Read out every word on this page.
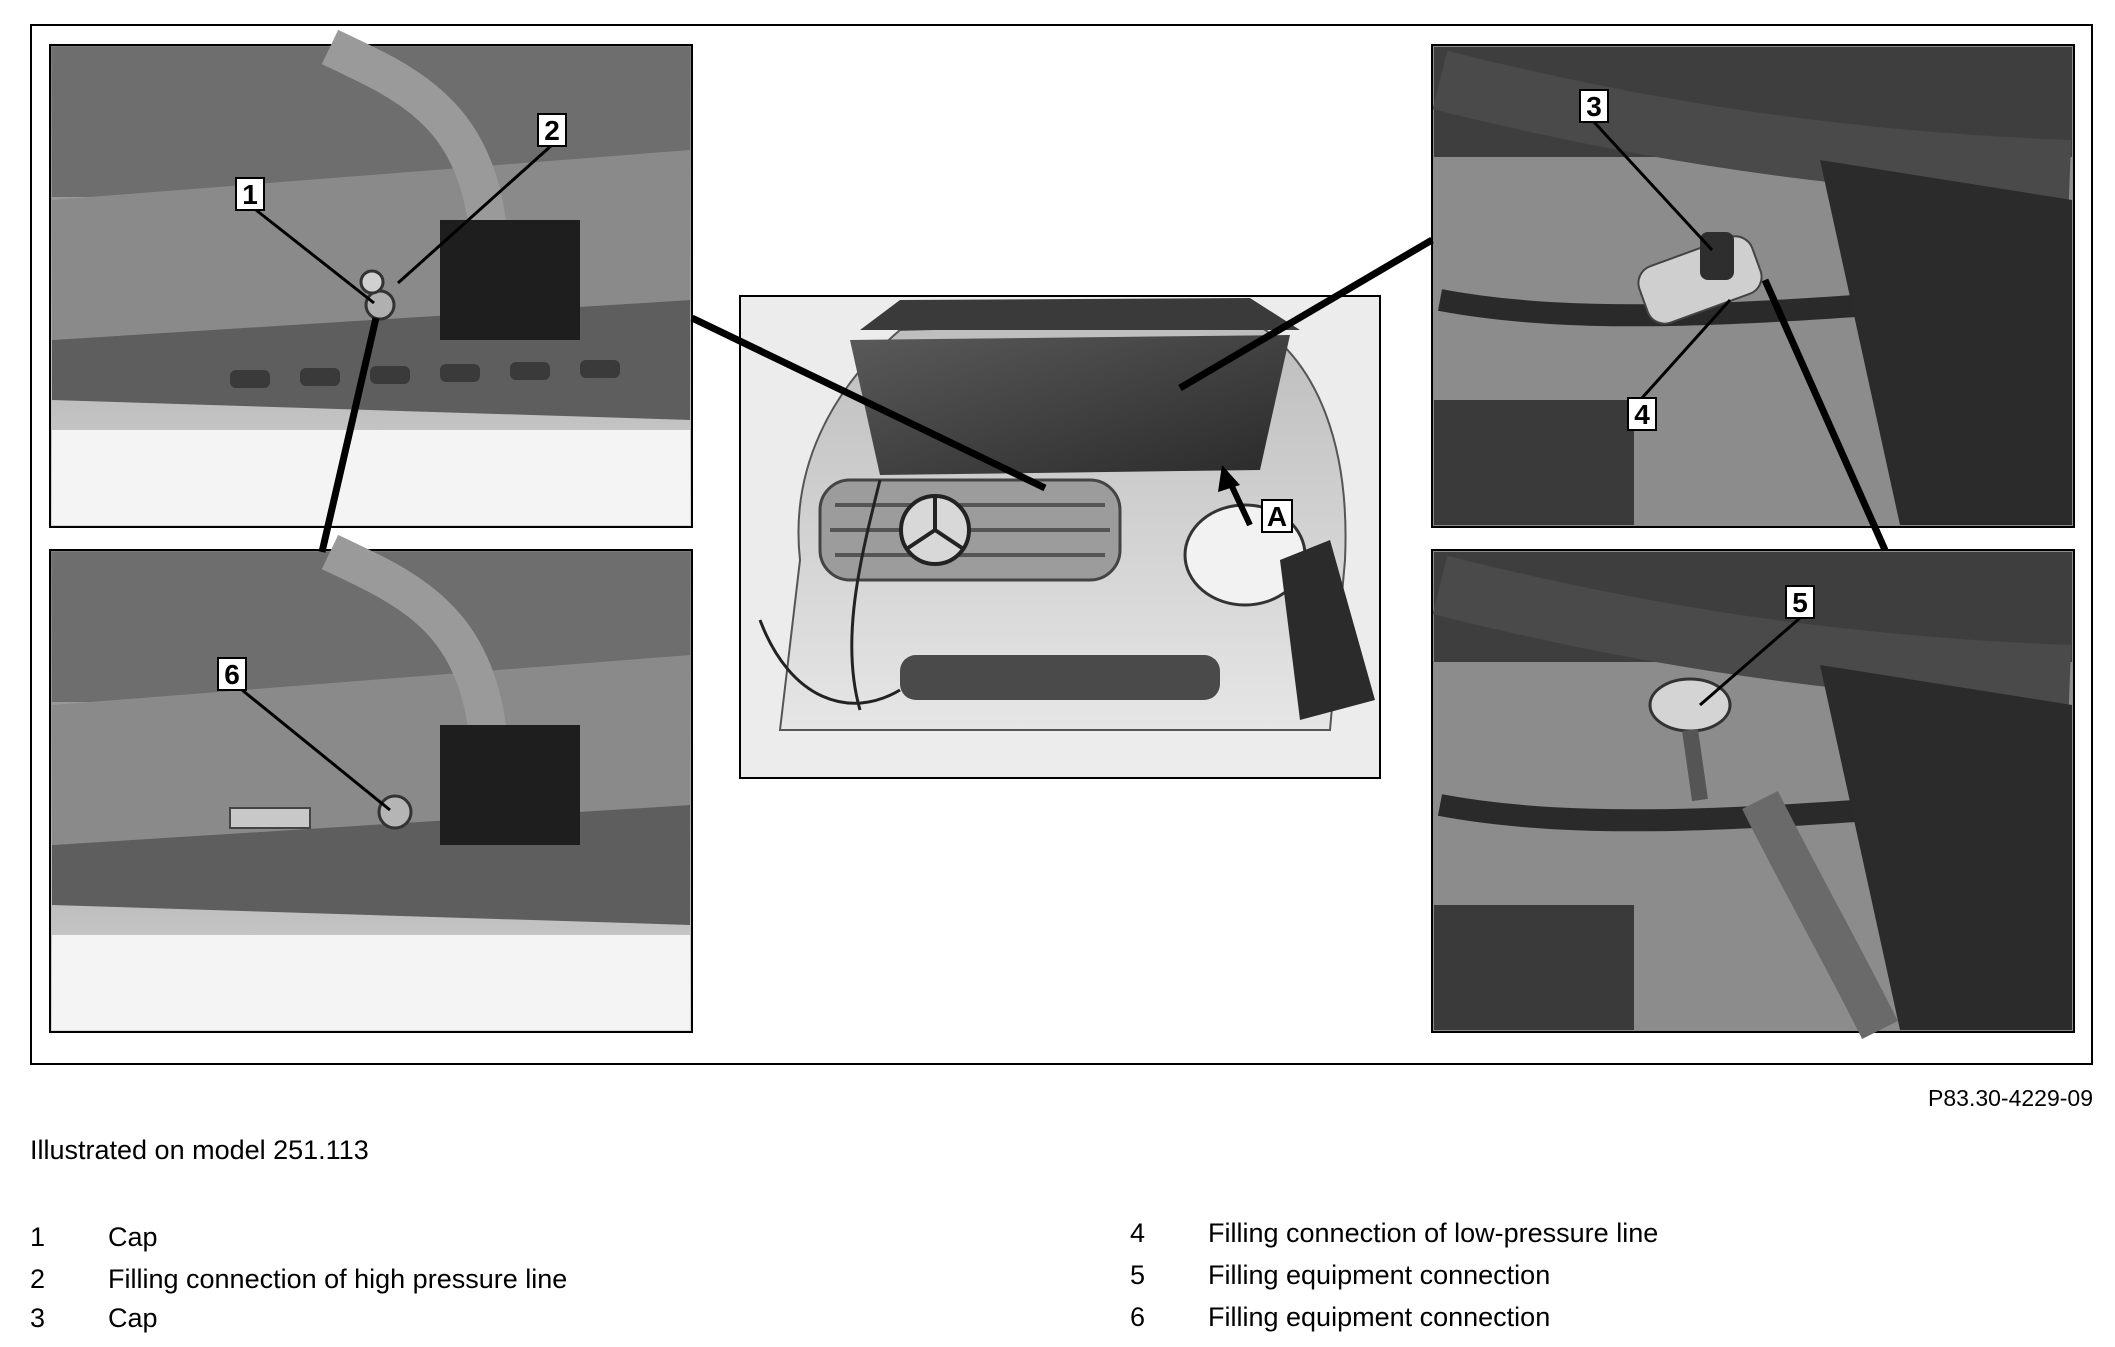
1
2
3
4
5
6
A
P83.30-4229-09
Illustrated on model 251.113
1 Cap
2 Filling connection of high pressure line
3 Cap
4 Filling connection of low-pressure line
5 Filling equipment connection
6 Filling equipment connection
